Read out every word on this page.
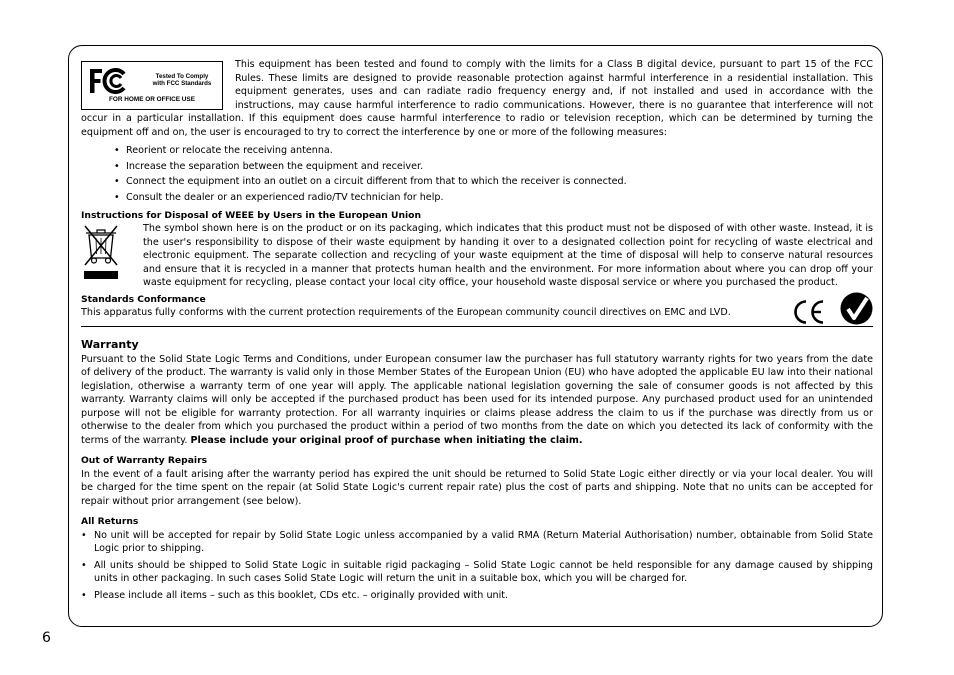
Tested To Comply
with FCC Standards
FOR HOME OR OFFICE USE

This equipment has been tested and found to comply with the limits for a Class B digital device, pursuant to part 15 of the FCC Rules. These limits are designed to provide reasonable protection against harmful interference in a residential installation. This equipment generates, uses and can radiate radio frequency energy and, if not installed and used in accordance with the instructions, may cause harmful interference to radio communications. However, there is no guarantee that interference will not occur in a particular installation. If this equipment does cause harmful interference to radio or television reception, which can be determined by turning the equipment off and on, the user is encouraged to try to correct the interference by one or more of the following measures:

• Reorient or relocate the receiving antenna.
• Increase the separation between the equipment and receiver.
• Connect the equipment into an outlet on a circuit different from that to which the receiver is connected.
• Consult the dealer or an experienced radio/TV technician for help.
Instructions for Disposal of WEEE by Users in the European Union

The symbol shown here is on the product or on its packaging, which indicates that this product must not be disposed of with other waste. Instead, it is the user's responsibility to dispose of their waste equipment by handing it over to a designated collection point for recycling of waste electrical and electronic equipment. The separate collection and recycling of your waste equipment at the time of disposal will help to conserve natural resources and ensure that it is recycled in a manner that protects human health and the environment. For more information about where you can drop off your waste equipment for recycling, please contact your local city office, your household waste disposal service or where you purchased the product.

Standards Conformance

This apparatus fully conforms with the current protection requirements of the European community council directives on EMC and LVD.

Warranty

Pursuant to the Solid State Logic Terms and Conditions, under European consumer law the purchaser has full statutory warranty rights for two years from the date of delivery of the product. The warranty is valid only in those Member States of the European Union (EU) who have adopted the applicable EU law into their national legislation, otherwise a warranty term of one year will apply. The applicable national legislation governing the sale of consumer goods is not affected by this warranty. Warranty claims will only be accepted if the purchased product has been used for its intended purpose. Any purchased product used for an unintended purpose will not be eligible for warranty protection. For all warranty inquiries or claims please address the claim to us if the purchase was directly from us or otherwise to the dealer from which you purchased the product within a period of two months from the date on which you detected its lack of conformity with the terms of the warranty. Please include your original proof of purchase when initiating the claim.

Out of Warranty Repairs

In the event of a fault arising after the warranty period has expired the unit should be returned to Solid State Logic either directly or via your local dealer. You will be charged for the time spent on the repair (at Solid State Logic's current repair rate) plus the cost of parts and shipping. Note that no units can be accepted for repair without prior arrangement (see below).

All Returns
• No unit will be accepted for repair by Solid State Logic unless accompanied by a valid RMA (Return Material Authorisation) number, obtainable from Solid State Logic prior to shipping.
• All units should be shipped to Solid State Logic in suitable rigid packaging – Solid State Logic cannot be held responsible for any damage caused by shipping units in other packaging. In such cases Solid State Logic will return the unit in a suitable box, which you will be charged for.
• Please include all items – such as this booklet, CDs etc. – originally provided with unit.
6
